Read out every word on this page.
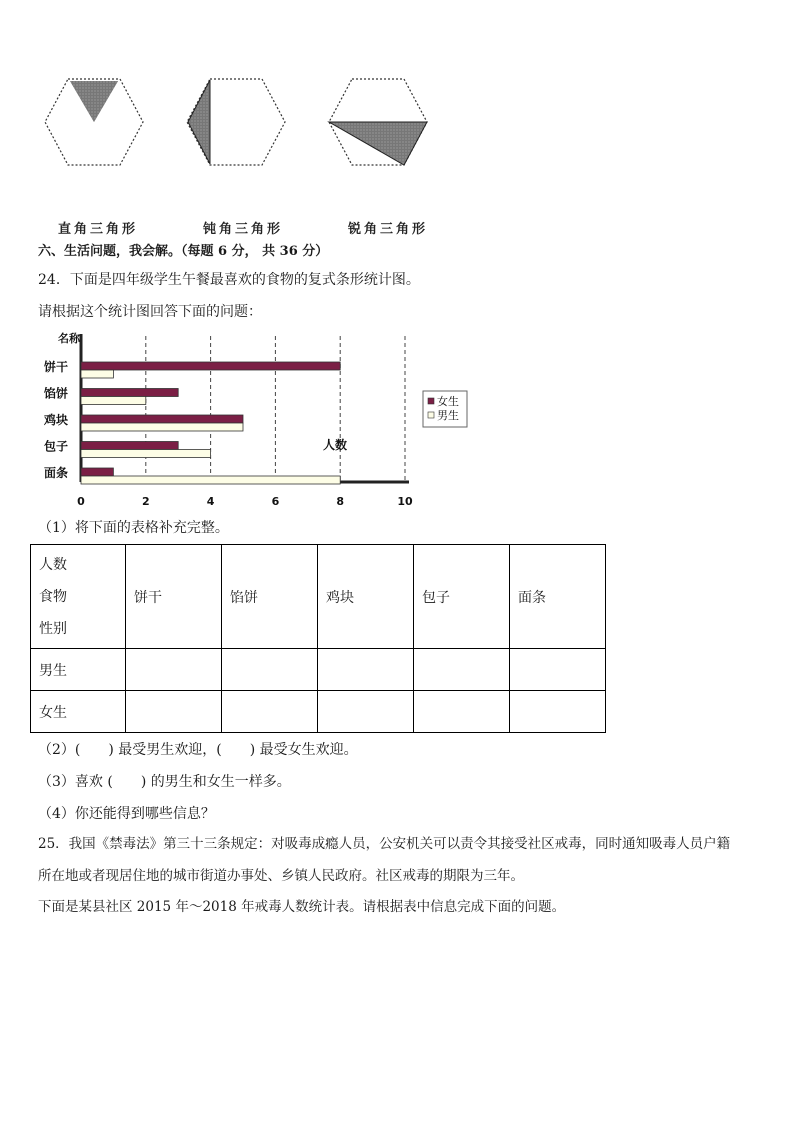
直角三角形	钝角三角形	锐角三角形
六、生活问题，我会解。（每题 6 分， 共 36 分）
24．下面是四年级学生午餐最喜欢的食物的复式条形统计图。
请根据这个统计图回答下面的问题：
名称
饼干
馅饼
鸡块
包子
面条
0	2	4	6	8	10
人数
女生
男生
（1）将下面的表格补充完整。
人数
食物
性别	饼干	馅饼	鸡块	包子	面条
男生					
女生					
（2）(　　) 最受男生欢迎，(　　) 最受女生欢迎。
（3）喜欢 (　　) 的男生和女生一样多。
（4）你还能得到哪些信息？
25．我国《禁毒法》第三十三条规定：对吸毒成瘾人员，公安机关可以责令其接受社区戒毒，同时通知吸毒人员户籍
所在地或者现居住地的城市街道办事处、乡镇人民政府。社区戒毒的期限为三年。
下面是某县社区 2015 年～2018 年戒毒人数统计表。请根据表中信息完成下面的问题。
